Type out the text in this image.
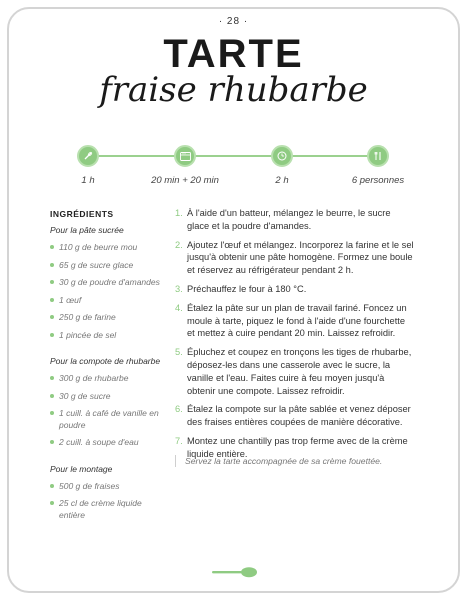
· 28 ·
TARTE
fraise rhubarbe
1 h	20 min + 20 min	2 h	6 personnes
INGRÉDIENTS
Pour la pâte sucrée
110 g de beurre mou
65 g de sucre glace
30 g de poudre d'amandes
1 œuf
250 g de farine
1 pincée de sel
Pour la compote de rhubarbe
300 g de rhubarbe
30 g de sucre
1 cuill. à café de vanille en poudre
2 cuill. à soupe d'eau
Pour le montage
500 g de fraises
25 cl de crème liquide entière
1. À l'aide d'un batteur, mélangez le beurre, le sucre glace et la poudre d'amandes.
2. Ajoutez l'œuf et mélangez. Incorporez la farine et le sel jusqu'à obtenir une pâte homogène. Formez une boule et réservez au réfrigérateur pendant 2 h.
3. Préchauffez le four à 180 °C.
4. Étalez la pâte sur un plan de travail fariné. Foncez un moule à tarte, piquez le fond à l'aide d'une fourchette et mettez à cuire pendant 20 min. Laissez refroidir.
5. Épluchez et coupez en tronçons les tiges de rhubarbe, déposez-les dans une casserole avec le sucre, la vanille et l'eau. Faites cuire à feu moyen jusqu'à obtenir une compote. Laissez refroidir.
6. Étalez la compote sur la pâte sablée et venez déposer des fraises entières coupées de manière décorative.
7. Montez une chantilly pas trop ferme avec de la crème liquide entière.
Servez la tarte accompagnée de sa crème fouettée.
